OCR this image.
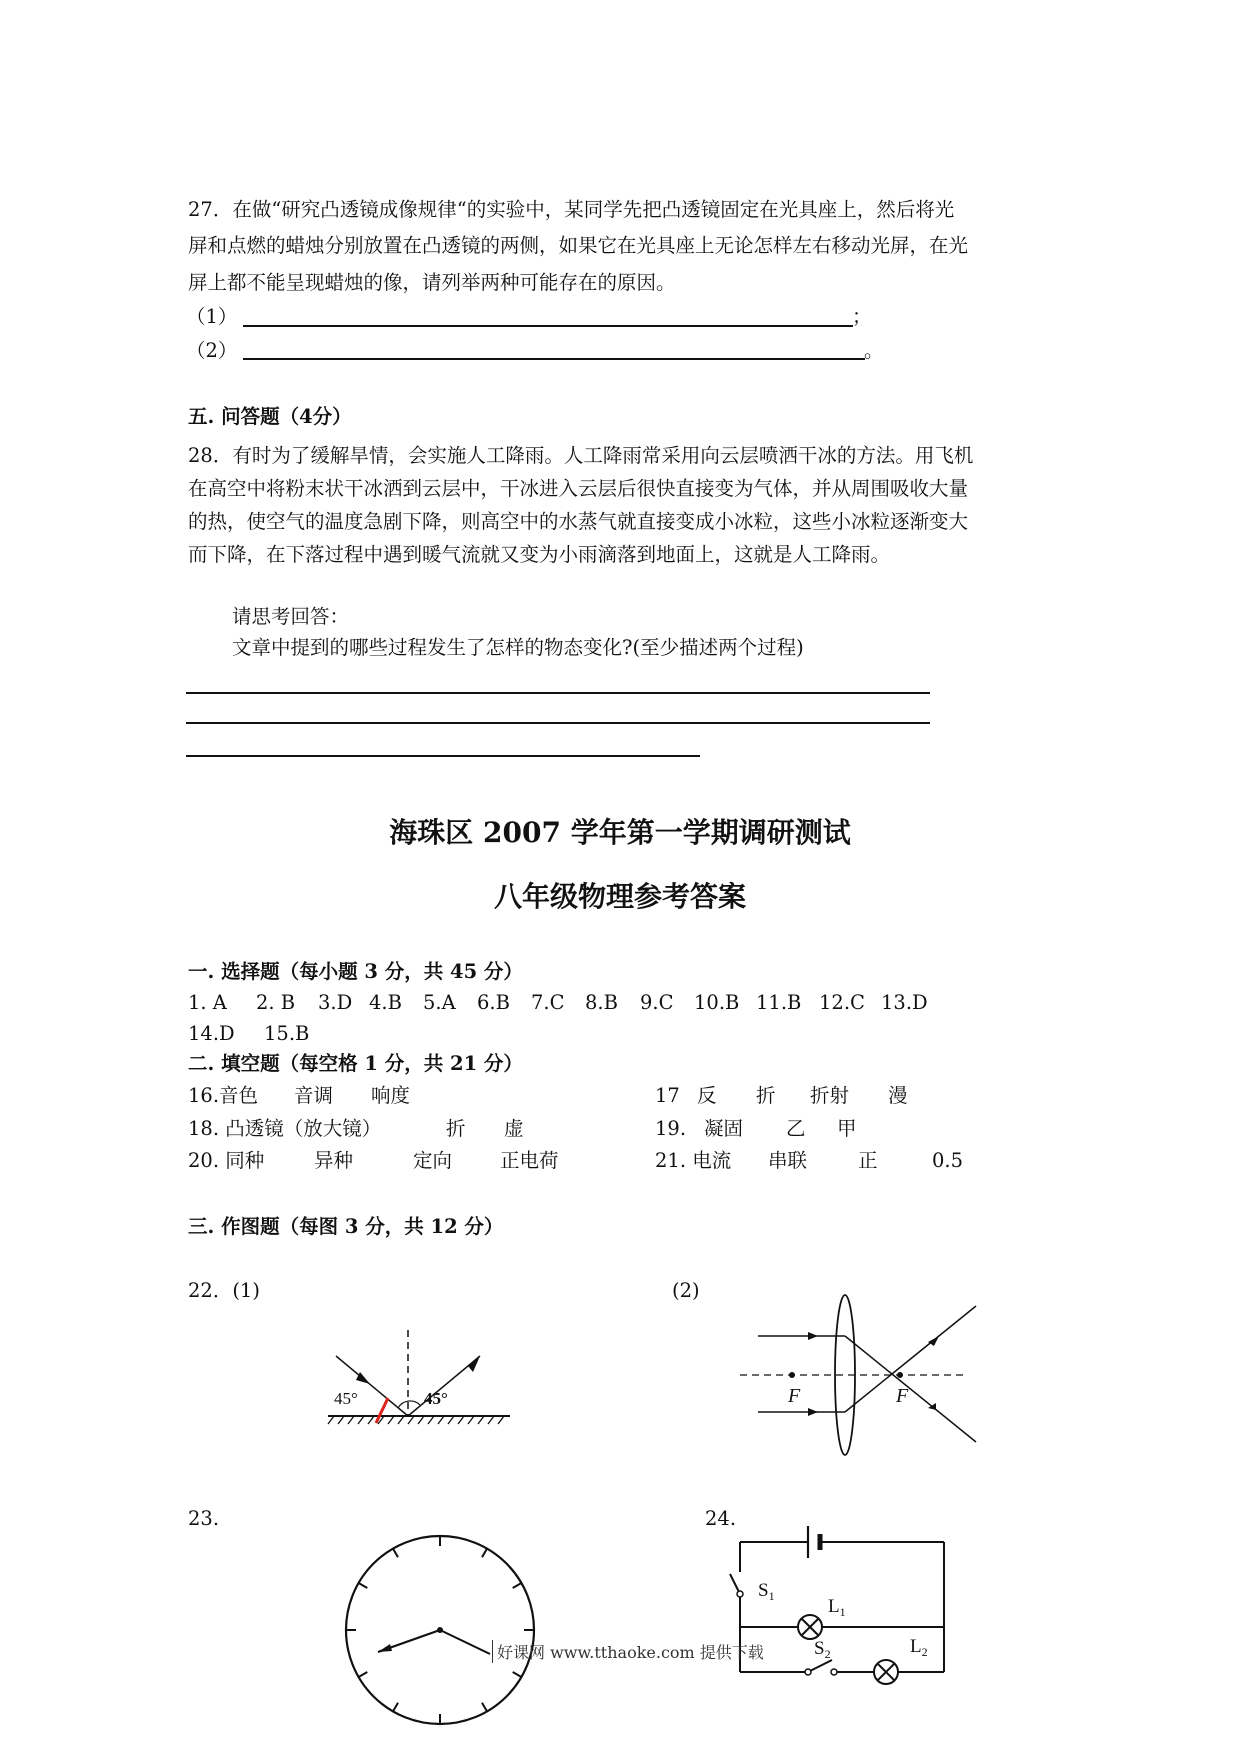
27．在做“研究凸透镜成像规律“的实验中，某同学先把凸透镜固定在光具座上，然后将光
屏和点燃的蜡烛分别放置在凸透镜的两侧，如果它在光具座上无论怎样左右移动光屏，在光
屏上都不能呈现蜡烛的像，请列举两种可能存在的原因。
（1）	；
（2）	。
五. 问答题（4分）
28．有时为了缓解旱情，会实施人工降雨。人工降雨常采用向云层喷洒干冰的方法。用飞机
在高空中将粉末状干冰洒到云层中，干冰进入云层后很快直接变为气体，并从周围吸收大量
的热，使空气的温度急剧下降，则高空中的水蒸气就直接变成小冰粒，这些小冰粒逐渐变大
而下降，在下落过程中遇到暖气流就又变为小雨滴落到地面上，这就是人工降雨。
请思考回答：
文章中提到的哪些过程发生了怎样的物态变化?(至少描述两个过程)
海珠区 2007 学年第一学期调研测试
八年级物理参考答案
一. 选择题（每小题 3 分，共 45 分）
1. A 2. B 3.D 4.B 5.A 6.B 7.C 8.B 9.C 10.B 11.B 12.C 13.D
14.D 15.B
二. 填空题（每空格 1 分，共 21 分）
16.音色 音调 响度	17 反 折 折射 漫
18. 凸透镜（放大镜）	折 虚	19. 凝固 乙 甲
20. 同种	异种	定向 正电荷	21. 电流 串联	正	0.5
三. 作图题（每图 3 分，共 12 分）
22．(1)	(2)
45°	45°	F	F
23.	24.
$S_1$	$L_1$
$S_2$	$L_2$
好课网 www.tthaoke.com 提供下载
